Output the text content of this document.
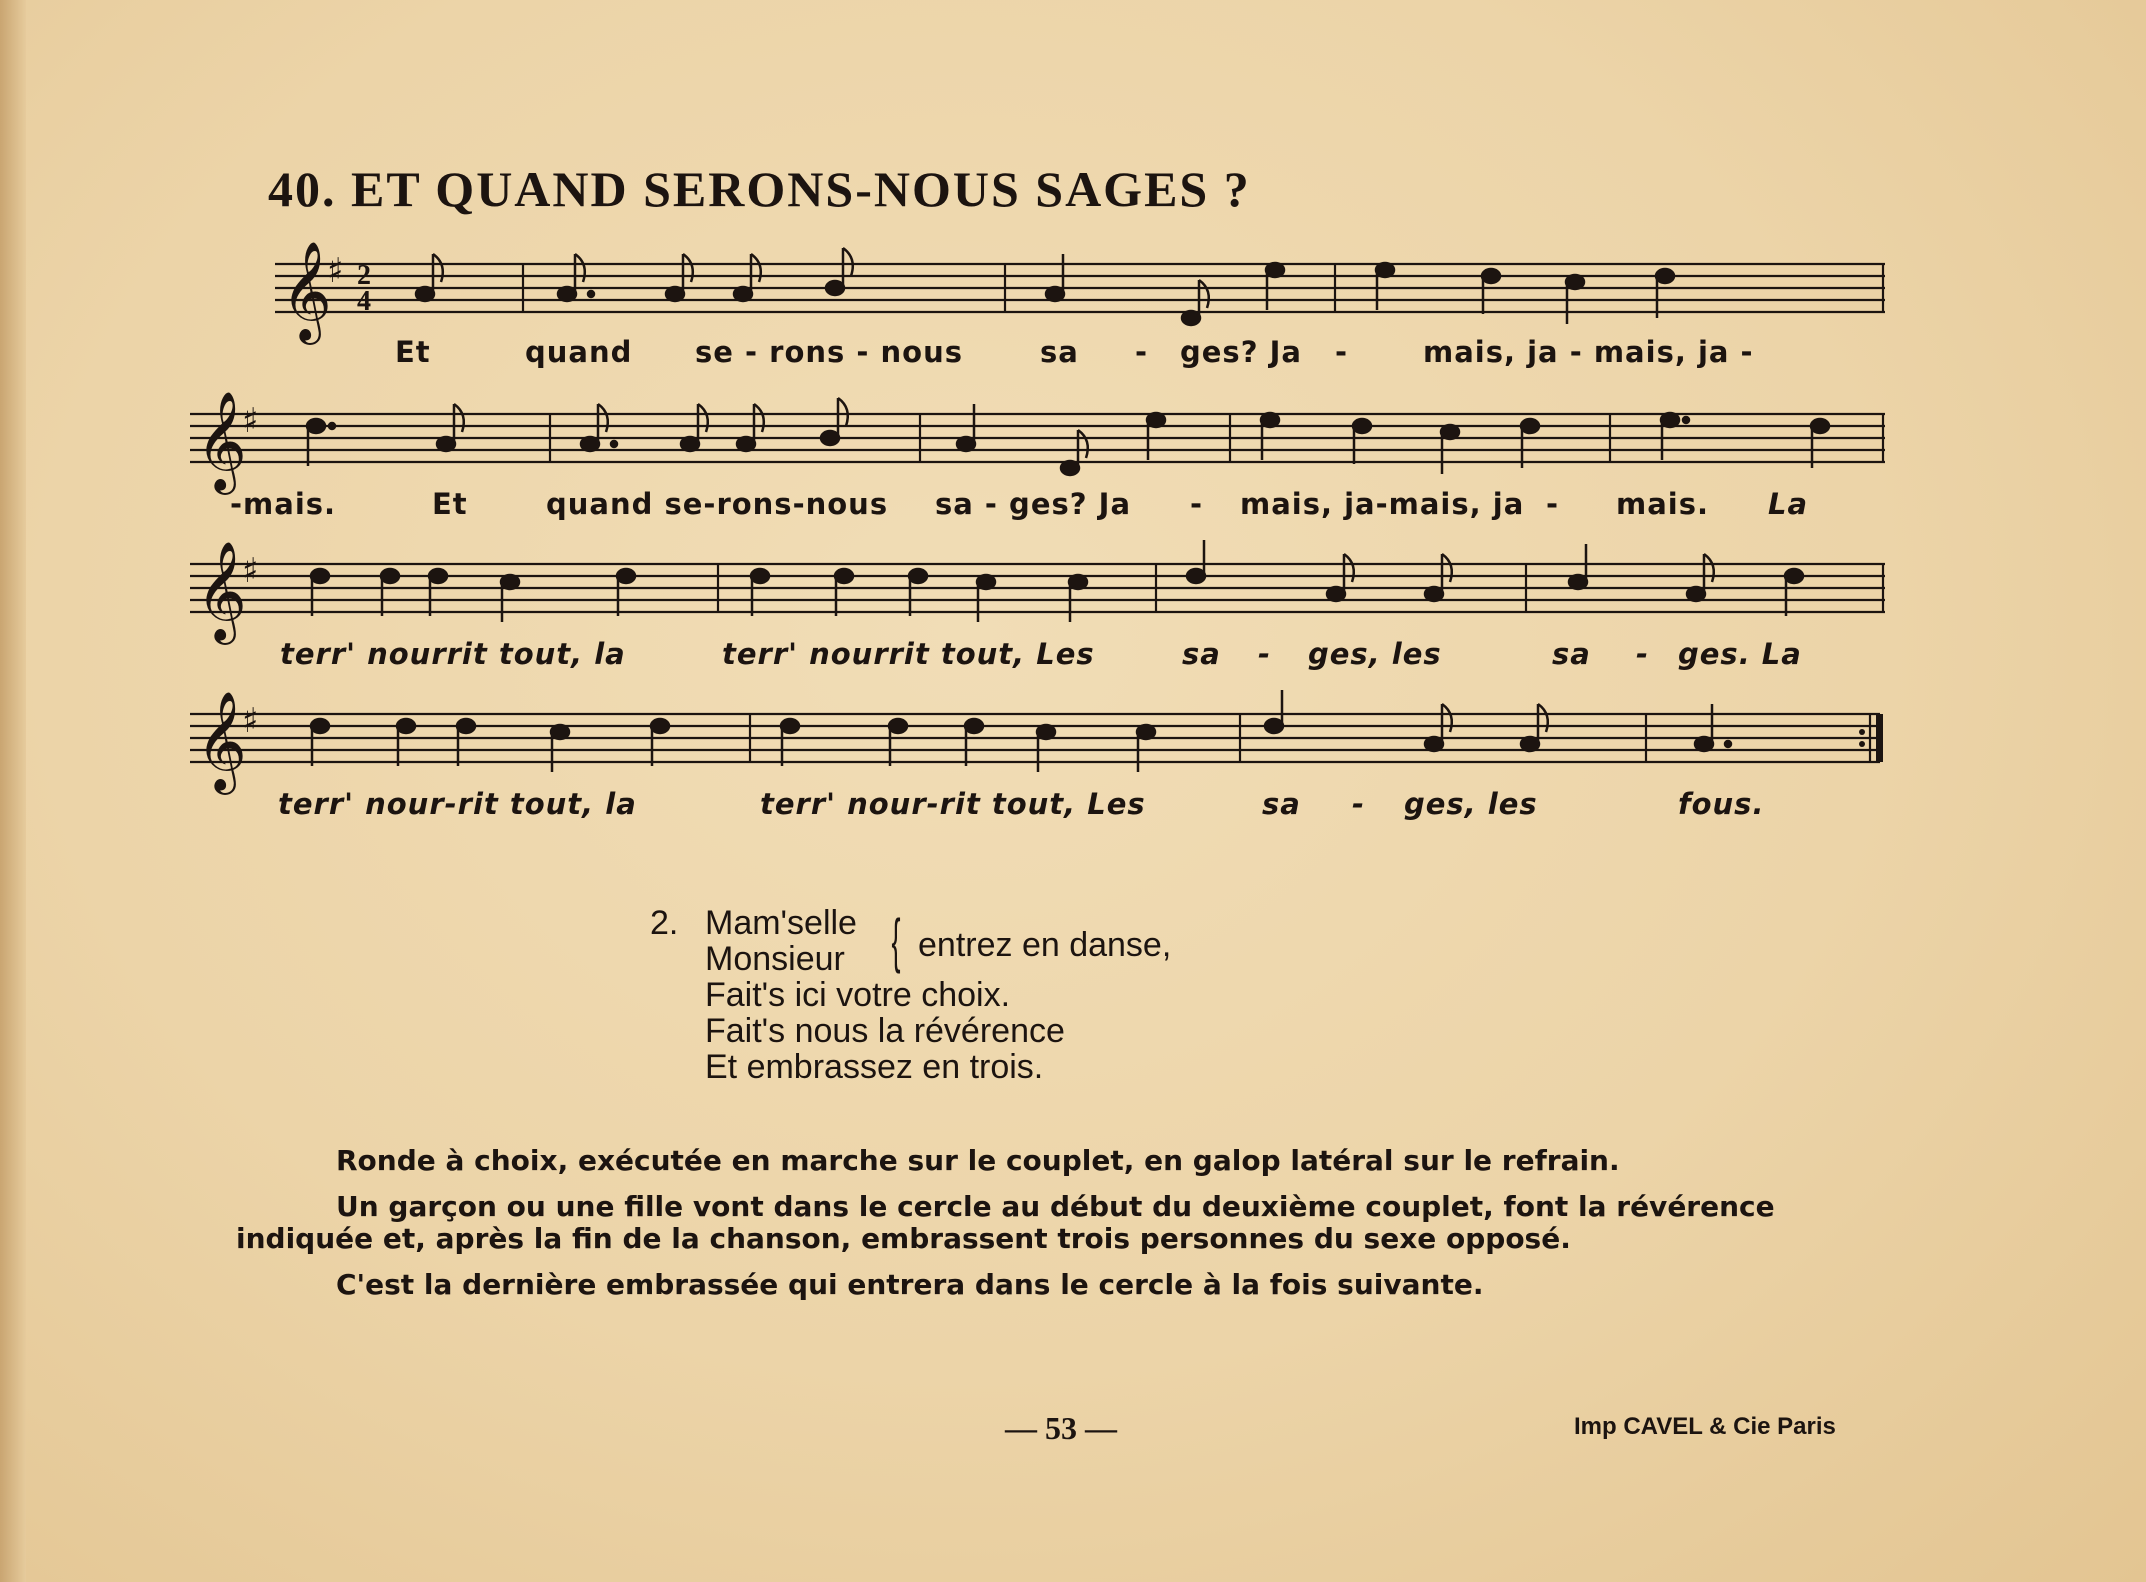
40. ET QUAND SERONS-NOUS SAGES ?
𝄞
♯ 2
4
Et	quand se - rons - nous	sa - ges? Ja -	mais, ja - mais, ja -
𝄞
♯
-mais.	Et	quand se-rons-nous sa - ges? Ja - mais, ja-mais, ja - mais. La
𝄞
♯
terr' nourrit tout, la	terr' nourrit tout, Les	sa - ges, les	sa - ges. La
𝄞
♯
terr' nour-rit tout, la	terr' nour-rit tout, Les	sa - ges, les	fous.
2. Mam'selle
Monsieur { entrez en danse,
Fait's ici votre choix.
Fait's nous la révérence
Et embrassez en trois.

Ronde à choix, exécutée en marche sur le couplet, en galop latéral sur le refrain.

Un garçon ou une fille vont dans le cercle au début du deuxième couplet, font la révérence indiquée et, après la fin de la chanson, embrassent trois personnes du sexe opposé.

C'est la dernière embrassée qui entrera dans le cercle à la fois suivante.

— 53 —	Imp CAVEL & Cie Paris
